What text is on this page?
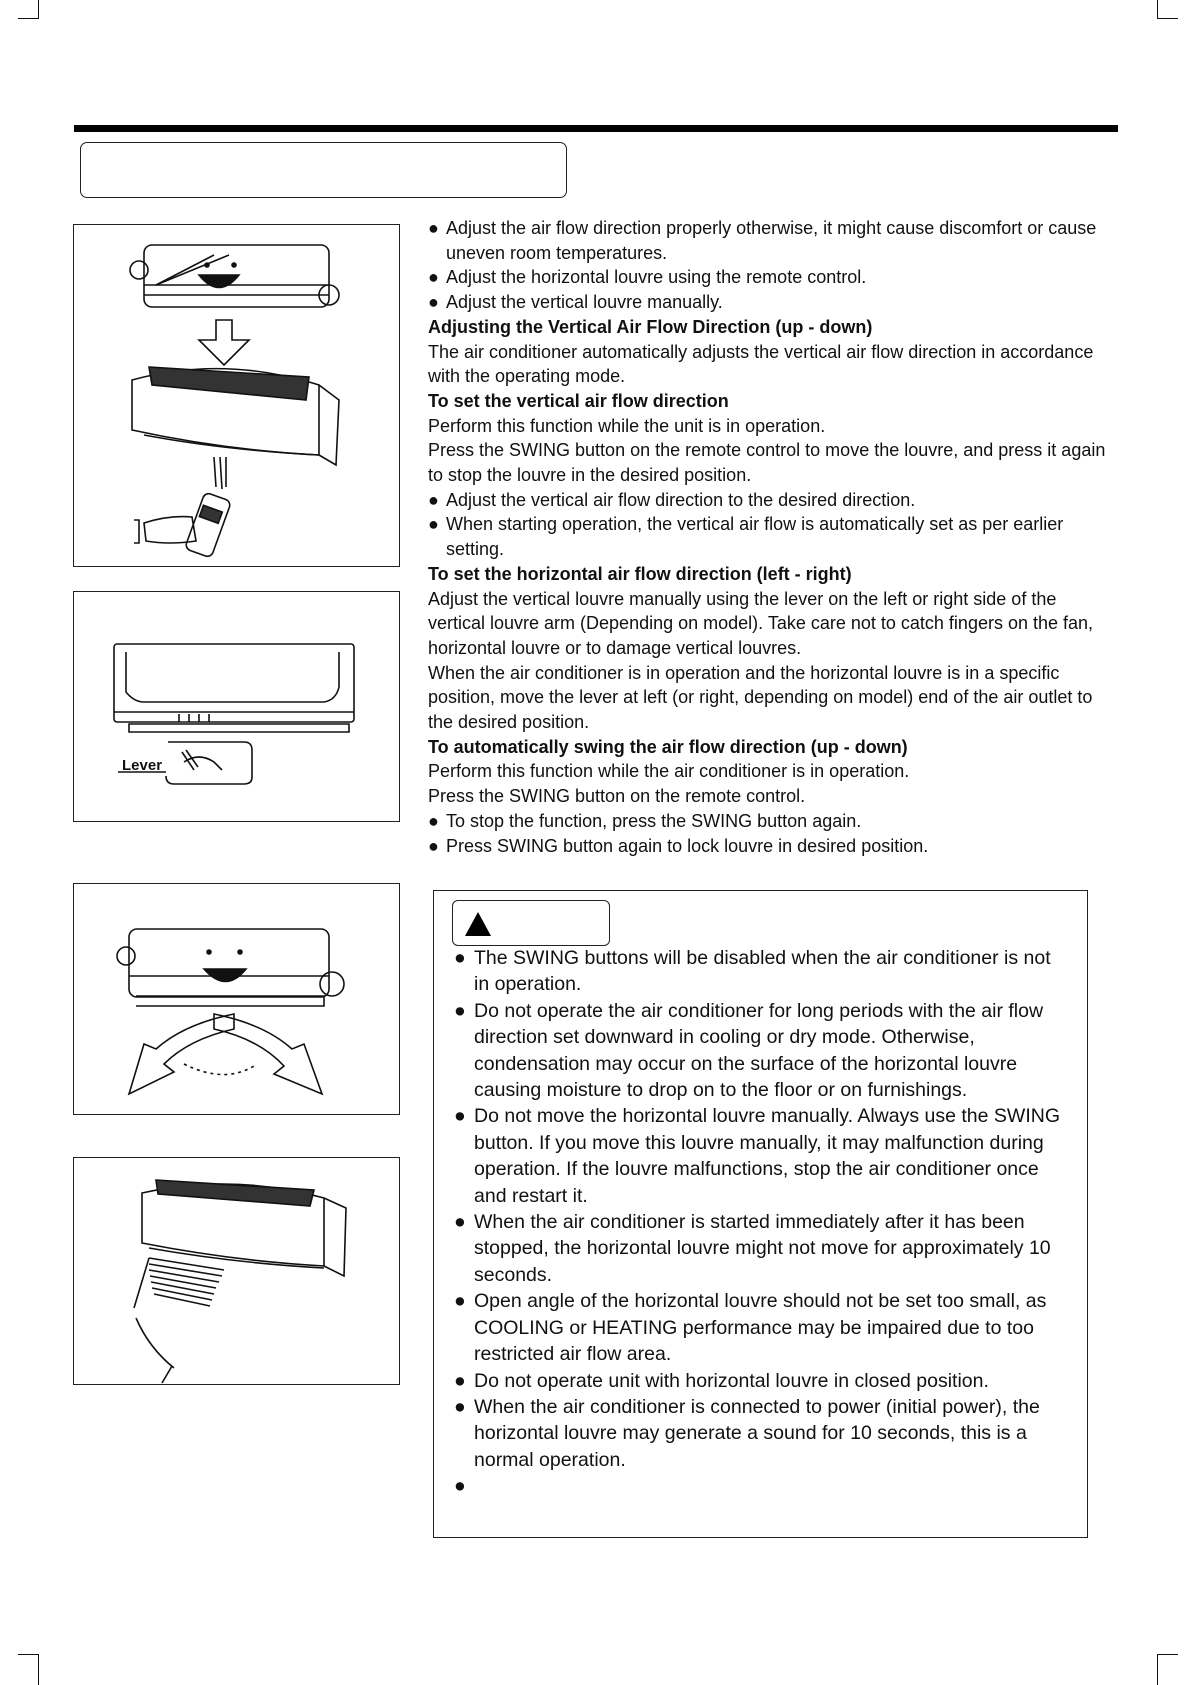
Lever

● Adjust the air flow direction properly otherwise, it might cause discomfort or cause uneven room temperatures.

● Adjust the horizontal louvre using the remote control.

● Adjust the vertical louvre manually.

Adjusting the Vertical Air Flow Direction (up - down)

The air conditioner automatically adjusts the vertical air flow direction in accordance with the operating mode.

To set the vertical air flow direction

Perform this function while the unit is in operation.

Press the SWING button on the remote control to move the louvre, and press it again to stop the louvre in the desired position.

● Adjust the vertical air flow direction to the desired direction.

● When starting operation, the vertical air flow is automatically set as per earlier setting.

To set the horizontal air flow direction (left - right)

Adjust the vertical louvre manually using the lever on the left or right side of the vertical louvre arm (Depending on model). Take care not to catch fingers on the fan, horizontal louvre or to damage vertical louvres.

When the air conditioner is in operation and the horizontal louvre is in a specific position, move the lever at left (or right, depending on model) end of the air outlet to the desired position.

To automatically swing the air flow direction (up - down)

Perform this function while the air conditioner is in operation.

Press the SWING button on the remote control.

● To stop the function, press the SWING button again.

● Press SWING button again to lock louvre in desired position.

● The SWING buttons will be disabled when the air conditioner is not in operation.
● Do not operate the air conditioner for long periods with the air flow direction set downward in cooling or dry mode. Otherwise, condensation may occur on the surface of the horizontal louvre causing moisture to drop on to the floor or on furnishings.
● Do not move the horizontal louvre manually. Always use the SWING button. If you move this louvre manually, it may malfunction during operation. If the louvre malfunctions, stop the air conditioner once and restart it.
● When the air conditioner is started immediately after it has been stopped, the horizontal louvre might not move for approximately 10 seconds.
● Open angle of the horizontal louvre should not be set too small, as COOLING or HEATING performance may be impaired due to too restricted air flow area.
● Do not operate unit with horizontal louvre in closed position.
● When the air conditioner is connected to power (initial power), the horizontal louvre may generate a sound for 10 seconds, this is a normal operation.
●
